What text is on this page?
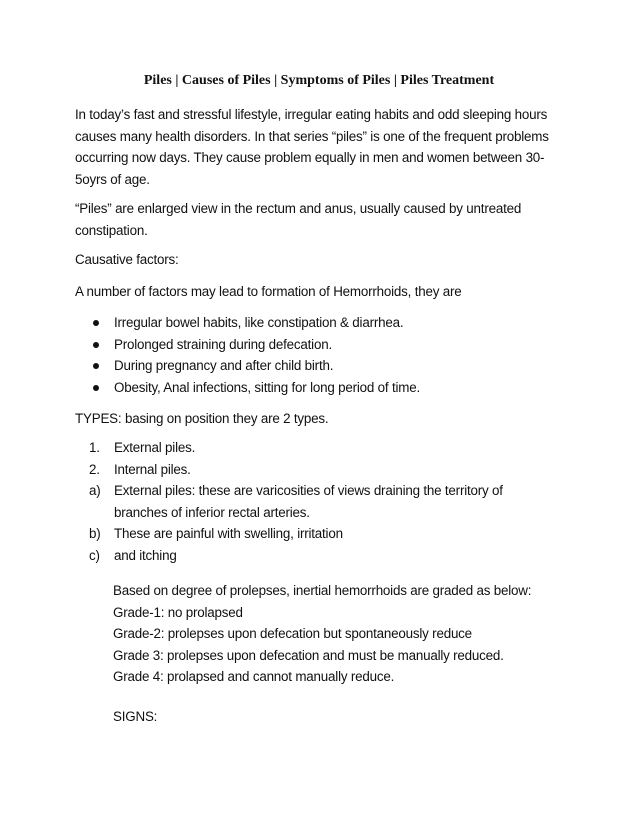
Piles | Causes of Piles | Symptoms of Piles | Piles Treatment

In today’s fast and stressful lifestyle, irregular eating habits and odd sleeping hours causes many health disorders. In that series “piles” is one of the frequent problems occurring now days. They cause problem equally in men and women between 30-5oyrs of age.

“Piles” are enlarged view in the rectum and anus, usually caused by untreated constipation.

Causative factors:

A number of factors may lead to formation of Hemorrhoids, they are

Irregular bowel habits, like constipation & diarrhea.
Prolonged straining during defecation.
During pregnancy and after child birth.
Obesity, Anal infections, sitting for long period of time.

TYPES: basing on position they are 2 types.

1. External piles.
2. Internal piles.
a) External piles: these are varicosities of views draining the territory of branches of inferior rectal arteries.
b) These are painful with swelling, irritation
c) and itching
Based on degree of prolepses, inertial hemorrhoids are graded as below:
Grade-1: no prolapsed
Grade-2: prolepses upon defecation but spontaneously reduce
Grade 3: prolepses upon defecation and must be manually reduced.
Grade 4: prolapsed and cannot manually reduce.
SIGNS:
